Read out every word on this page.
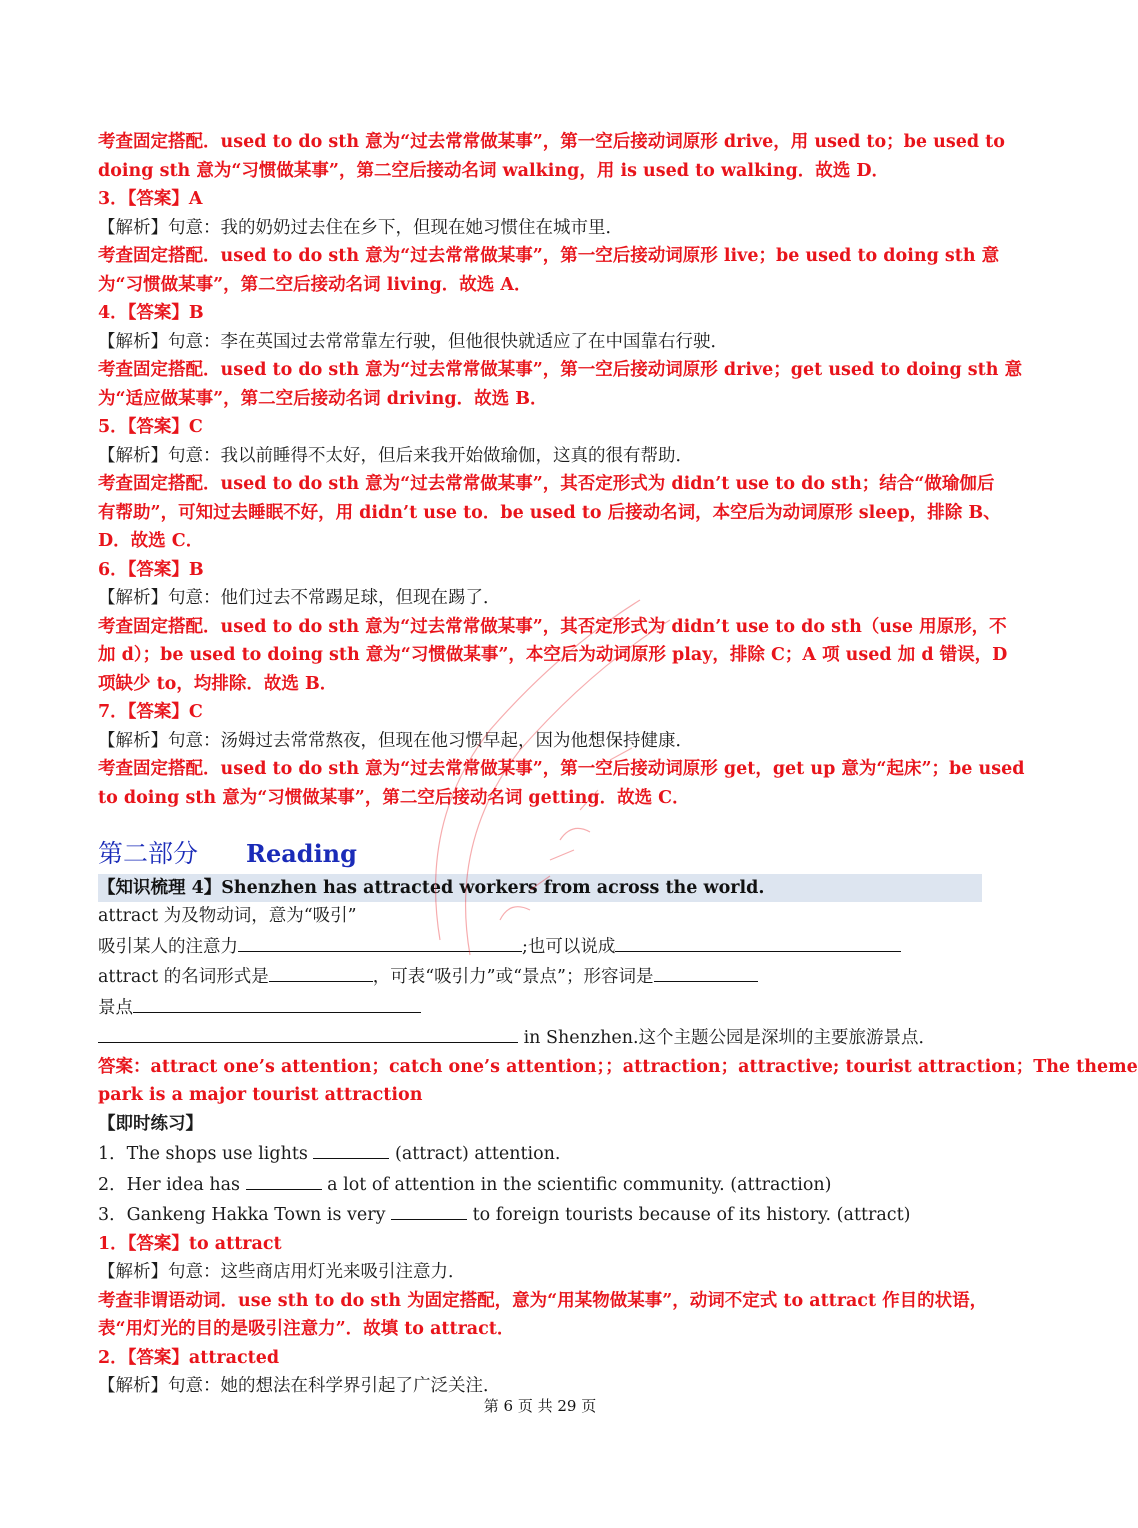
考查固定搭配．used to do sth 意为“过去常常做某事”，第一空后接动词原形 drive，用 used to；be used to
doing sth 意为“习惯做某事”，第二空后接动名词 walking，用 is used to walking．故选 D．
3．【答案】A
【解析】句意：我的奶奶过去住在乡下，但现在她习惯住在城市里．
考查固定搭配．used to do sth 意为“过去常常做某事”，第一空后接动词原形 live；be used to doing sth 意
为“习惯做某事”，第二空后接动名词 living．故选 A．
4．【答案】B
【解析】句意：李在英国过去常常靠左行驶，但他很快就适应了在中国靠右行驶．
考查固定搭配．used to do sth 意为“过去常常做某事”，第一空后接动词原形 drive；get used to doing sth 意
为“适应做某事”，第二空后接动名词 driving．故选 B．
5．【答案】C
【解析】句意：我以前睡得不太好，但后来我开始做瑜伽，这真的很有帮助．
考查固定搭配．used to do sth 意为“过去常常做某事”，其否定形式为 didn’t use to do sth；结合“做瑜伽后
有帮助”，可知过去睡眠不好，用 didn’t use to．be used to 后接动名词，本空后为动词原形 sleep，排除 B、
D．故选 C．
6．【答案】B
【解析】句意：他们过去不常踢足球，但现在踢了．
考查固定搭配．used to do sth 意为“过去常常做某事”，其否定形式为 didn’t use to do sth（use 用原形，不
加 d）；be used to doing sth 意为“习惯做某事”，本空后为动词原形 play，排除 C；A 项 used 加 d 错误，D
项缺少 to，均排除．故选 B．
7．【答案】C
【解析】句意：汤姆过去常常熬夜，但现在他习惯早起，因为他想保持健康．
考查固定搭配．used to do sth 意为“过去常常做某事”，第一空后接动词原形 get，get up 意为“起床”；be used
to doing sth 意为“习惯做某事”，第二空后接动名词 getting．故选 C．
第二部分 Reading
【知识梳理 4】Shenzhen has attracted workers from across the world.
attract 为及物动词，意为“吸引”
吸引某人的注意力	;也可以说成
attract 的名词形式是	，可表“吸引力”或“景点”；形容词是
景点
in Shenzhen.这个主题公园是深圳的主要旅游景点．
答案：attract one’s attention；catch one’s attention；；attraction；attractive; tourist attraction；The theme
park is a major tourist attraction
【即时练习】
1．The shops use lights	(attract) attention.
2．Her idea has	a lot of attention in the scientific community. (attraction)
3．Gankeng Hakka Town is very	to foreign tourists because of its history. (attract)
1．【答案】to attract
【解析】句意：这些商店用灯光来吸引注意力．
考查非谓语动词．use sth to do sth 为固定搭配，意为“用某物做某事”，动词不定式 to attract 作目的状语，
表“用灯光的目的是吸引注意力”．故填 to attract．
2．【答案】attracted
【解析】句意：她的想法在科学界引起了广泛关注．
第 6 页 共 29 页
